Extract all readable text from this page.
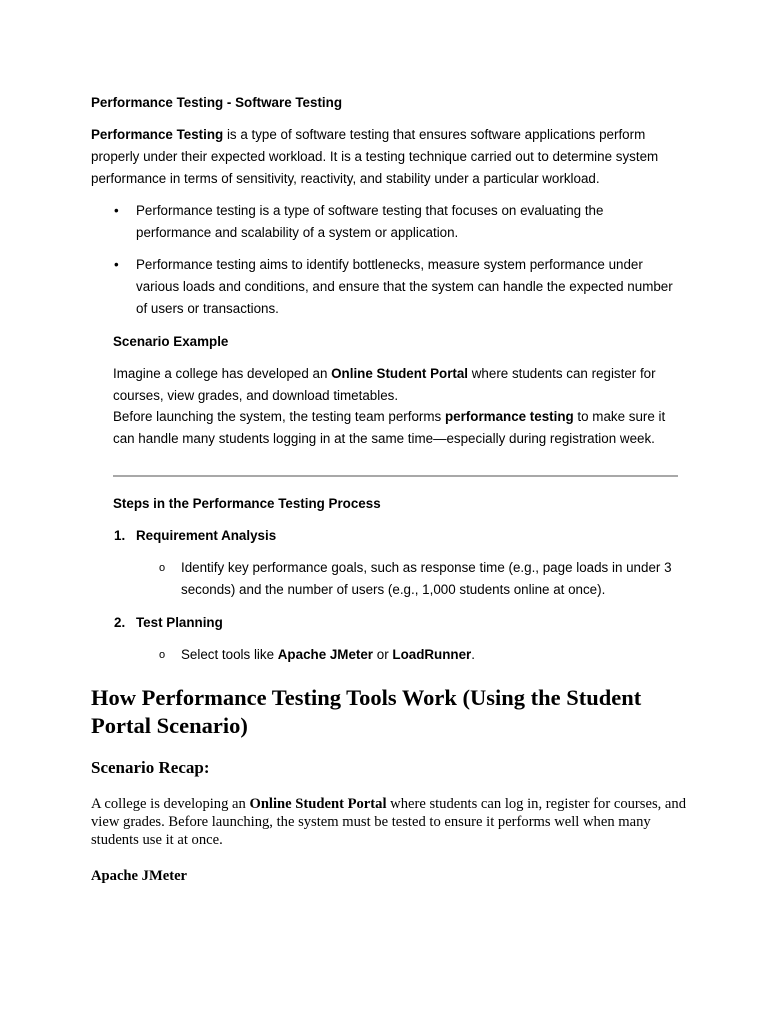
Performance Testing - Software Testing
Performance Testing is a type of software testing that ensures software applications perform properly under their expected workload. It is a testing technique carried out to determine system performance in terms of sensitivity, reactivity, and stability under a particular workload.
• Performance testing is a type of software testing that focuses on evaluating the performance and scalability of a system or application.
• Performance testing aims to identify bottlenecks, measure system performance under various loads and conditions, and ensure that the system can handle the expected number of users or transactions.
Scenario Example
Imagine a college has developed an Online Student Portal where students can register for courses, view grades, and download timetables.
Before launching the system, the testing team performs performance testing to make sure it can handle many students logging in at the same time—especially during registration week.
Steps in the Performance Testing Process
1. Requirement Analysis
o Identify key performance goals, such as response time (e.g., page loads in under 3 seconds) and the number of users (e.g., 1,000 students online at once).
2. Test Planning
o Select tools like Apache JMeter or LoadRunner.
How Performance Testing Tools Work (Using the Student Portal Scenario)
Scenario Recap:
A college is developing an Online Student Portal where students can log in, register for courses, and view grades. Before launching, the system must be tested to ensure it performs well when many students use it at once.
Apache JMeter
